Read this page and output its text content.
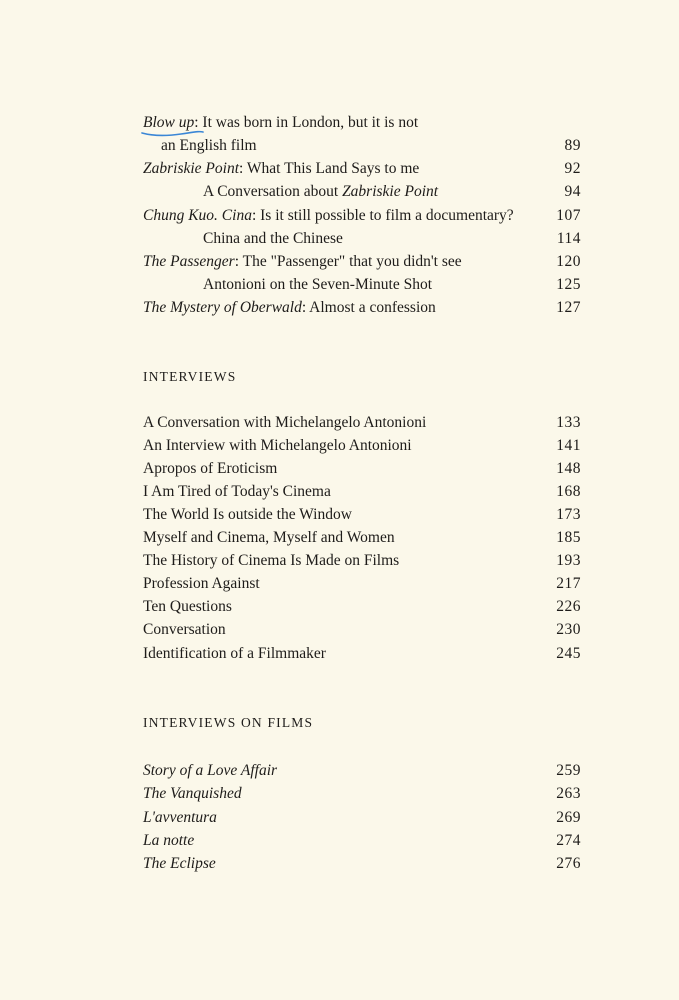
Blow up: It was born in London, but it is not
an English film	89
Zabriskie Point: What This Land Says to me	92
A Conversation about Zabriskie Point	94
Chung Kuo. Cina: Is it still possible to film a documentary?	107
China and the Chinese	114
The Passenger: The "Passenger" that you didn't see	120
Antonioni on the Seven-Minute Shot	125
The Mystery of Oberwald: Almost a confession	127
INTERVIEWS
A Conversation with Michelangelo Antonioni	133
An Interview with Michelangelo Antonioni	141
Apropos of Eroticism	148
I Am Tired of Today's Cinema	168
The World Is outside the Window	173
Myself and Cinema, Myself and Women	185
The History of Cinema Is Made on Films	193
Profession Against	217
Ten Questions	226
Conversation	230
Identification of a Filmmaker	245
INTERVIEWS ON FILMS
Story of a Love Affair	259
The Vanquished	263
L'avventura	269
La notte	274
The Eclipse	276
